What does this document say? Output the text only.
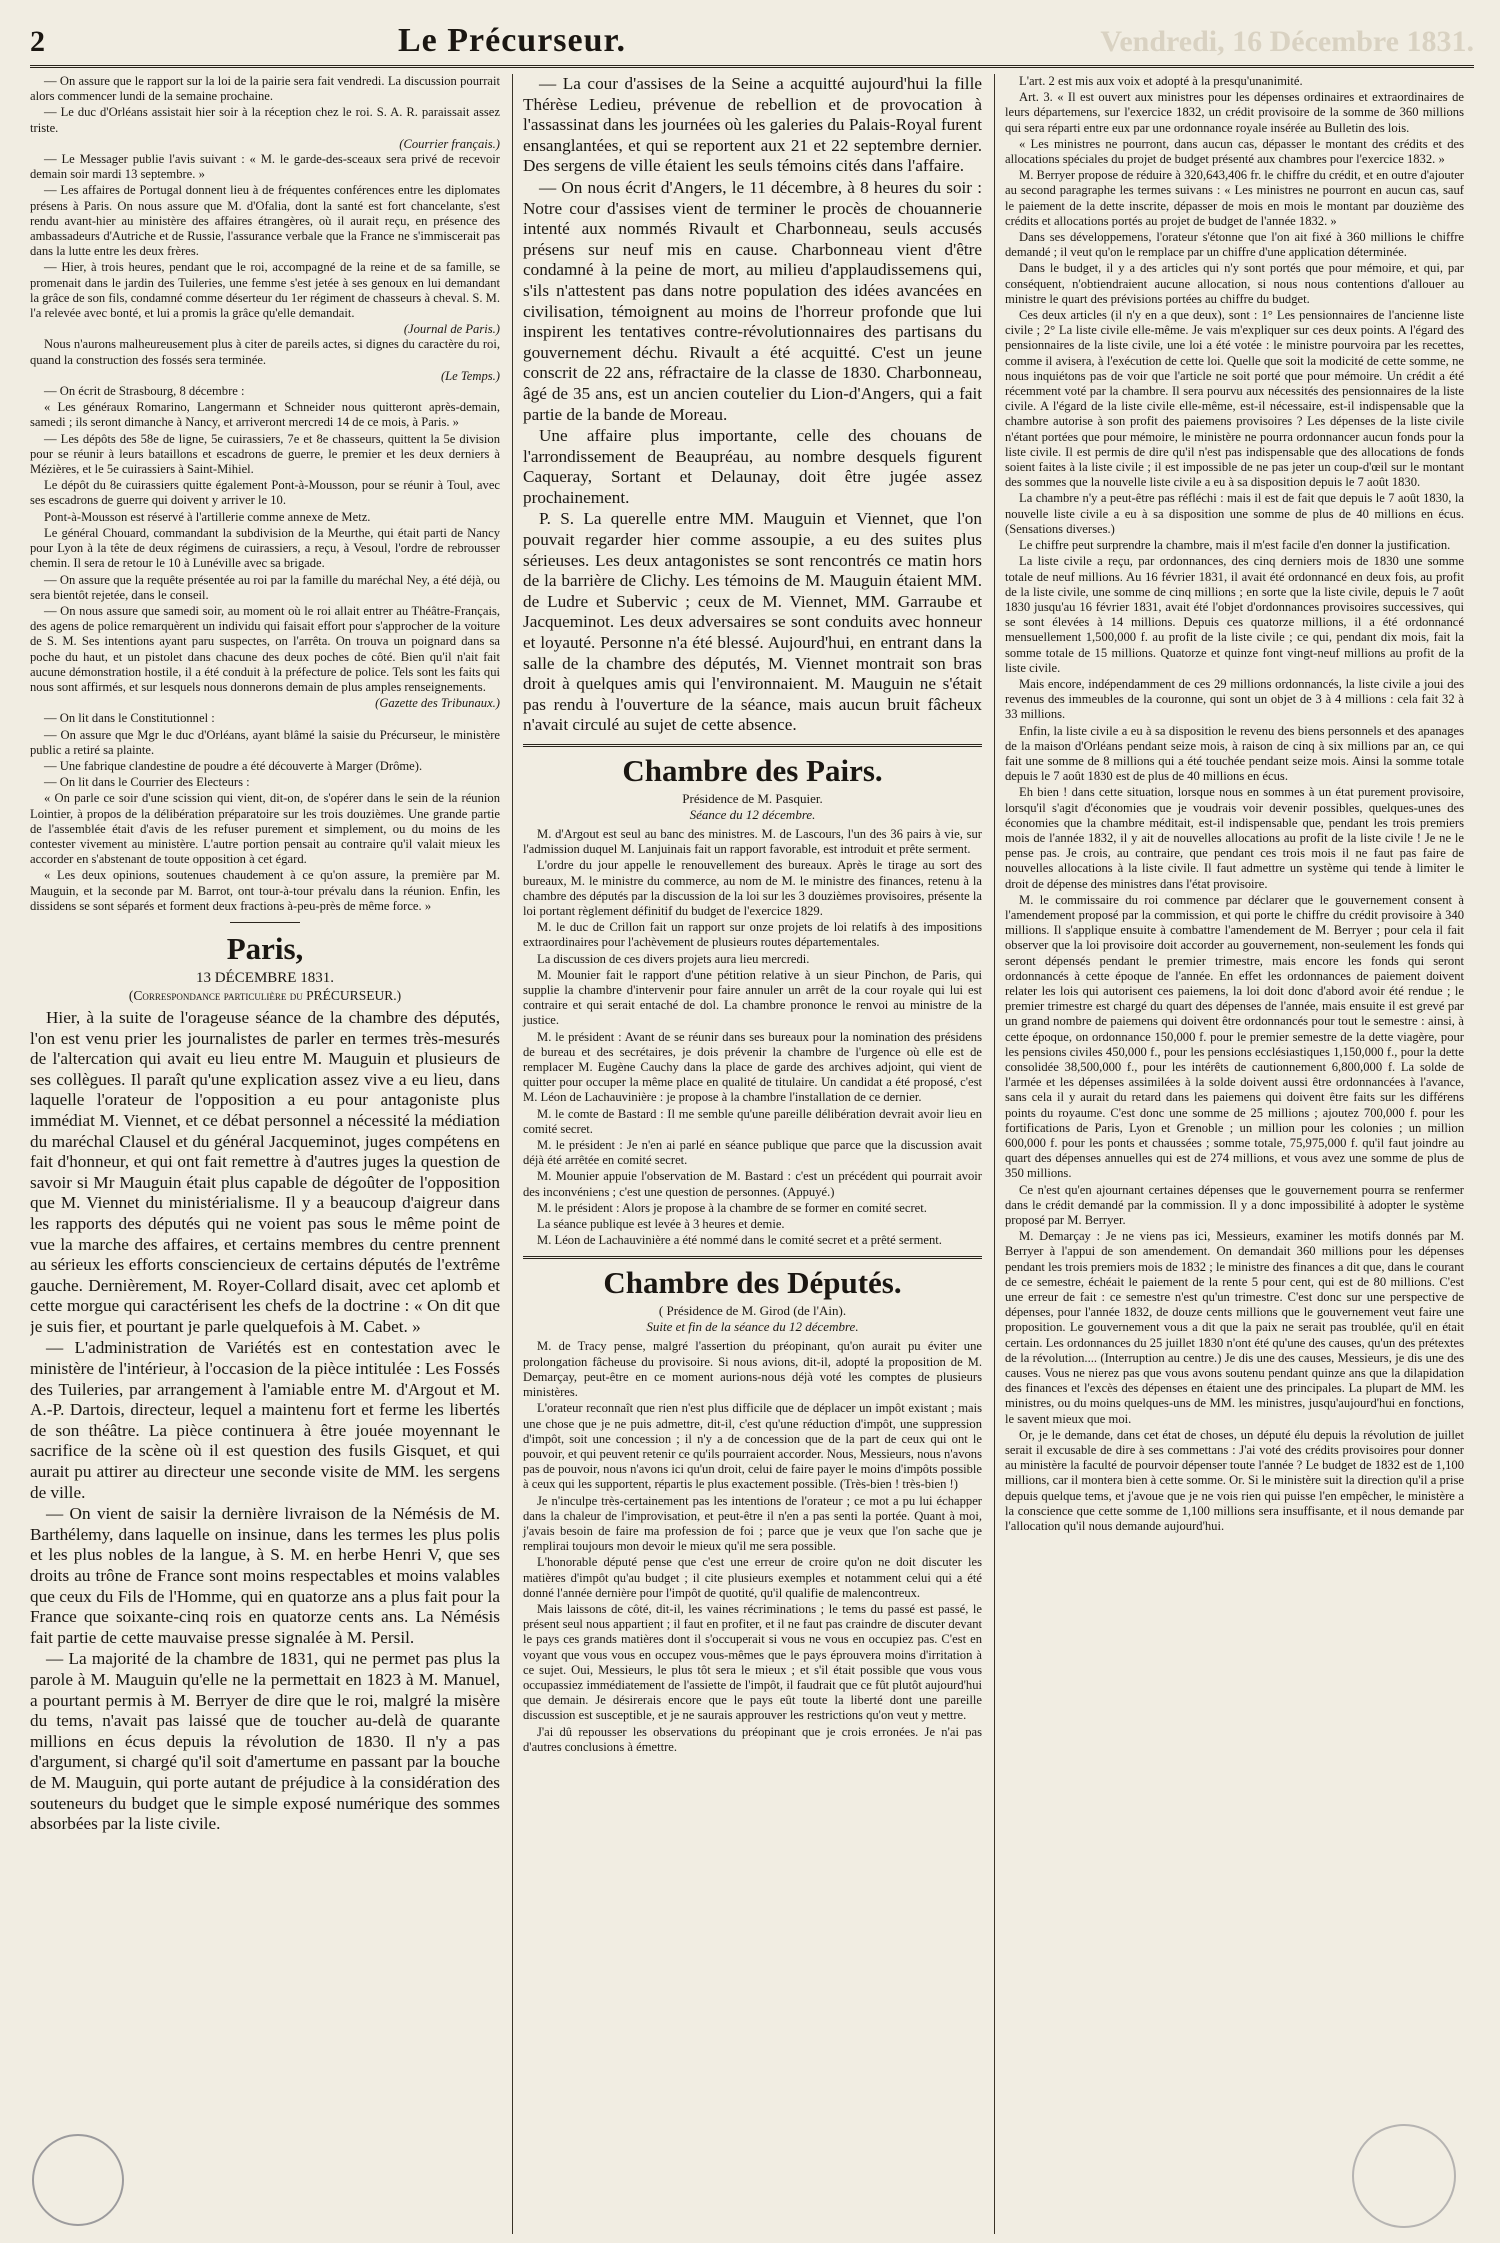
2	Le Précurseur.	Vendredi, 16 Décembre 1831.

— On assure que le rapport sur la loi de la pairie sera fait vendredi. La discussion pourrait alors commencer lundi de la semaine prochaine.

— Le duc d'Orléans assistait hier soir à la réception chez le roi. S. A. R. paraissait assez triste.

(Courrier français.)

— Le Messager publie l'avis suivant : « M. le garde-des-sceaux sera privé de recevoir demain soir mardi 13 septembre. »

— Les affaires de Portugal donnent lieu à de fréquentes conférences entre les diplomates présens à Paris. On nous assure que M. d'Ofalia, dont la santé est fort chancelante, s'est rendu avant-hier au ministère des affaires étrangères, où il aurait reçu, en présence des ambassadeurs d'Autriche et de Russie, l'assurance verbale que la France ne s'immiscerait pas dans la lutte entre les deux frères.

— Hier, à trois heures, pendant que le roi, accompagné de la reine et de sa famille, se promenait dans le jardin des Tuileries, une femme s'est jetée à ses genoux en lui demandant la grâce de son fils, condamné comme déserteur du 1er régiment de chasseurs à cheval. S. M. l'a relevée avec bonté, et lui a promis la grâce qu'elle demandait.

(Journal de Paris.)

Nous n'aurons malheureusement plus à citer de pareils actes, si dignes du caractère du roi, quand la construction des fossés sera terminée.

(Le Temps.)

— On écrit de Strasbourg, 8 décembre :

« Les généraux Romarino, Langermann et Schneider nous quitteront après-demain, samedi ; ils seront dimanche à Nancy, et arriveront mercredi 14 de ce mois, à Paris. »

— Les dépôts des 58e de ligne, 5e cuirassiers, 7e et 8e chasseurs, quittent la 5e division pour se réunir à leurs bataillons et escadrons de guerre, le premier et les deux derniers à Mézières, et le 5e cuirassiers à Saint-Mihiel.

Le dépôt du 8e cuirassiers quitte également Pont-à-Mousson, pour se réunir à Toul, avec ses escadrons de guerre qui doivent y arriver le 10.

Pont-à-Mousson est réservé à l'artillerie comme annexe de Metz.

Le général Chouard, commandant la subdivision de la Meurthe, qui était parti de Nancy pour Lyon à la tête de deux régimens de cuirassiers, a reçu, à Vesoul, l'ordre de rebrousser chemin. Il sera de retour le 10 à Lunéville avec sa brigade.

— On assure que la requête présentée au roi par la famille du maréchal Ney, a été déjà, ou sera bientôt rejetée, dans le conseil.

— On nous assure que samedi soir, au moment où le roi allait entrer au Théâtre-Français, des agens de police remarquèrent un individu qui faisait effort pour s'approcher de la voiture de S. M. Ses intentions ayant paru suspectes, on l'arrêta. On trouva un poignard dans sa poche du haut, et un pistolet dans chacune des deux poches de côté. Bien qu'il n'ait fait aucune démonstration hostile, il a été conduit à la préfecture de police. Tels sont les faits qui nous sont affirmés, et sur lesquels nous donnerons demain de plus amples renseignements.

(Gazette des Tribunaux.)

— On lit dans le Constitutionnel :

— On assure que Mgr le duc d'Orléans, ayant blâmé la saisie du Précurseur, le ministère public a retiré sa plainte.

— Une fabrique clandestine de poudre a été découverte à Marger (Drôme).

— On lit dans le Courrier des Electeurs :

« On parle ce soir d'une scission qui vient, dit-on, de s'opérer dans le sein de la réunion Lointier, à propos de la délibération préparatoire sur les trois douzièmes. Une grande partie de l'assemblée était d'avis de les refuser purement et simplement, ou du moins de les contester vivement au ministère. L'autre portion pensait au contraire qu'il valait mieux les accorder en s'abstenant de toute opposition à cet égard.

« Les deux opinions, soutenues chaudement à ce qu'on assure, la première par M. Mauguin, et la seconde par M. Barrot, ont tour-à-tour prévalu dans la réunion. Enfin, les dissidens se sont séparés et forment deux fractions à-peu-près de même force. »

Paris,
13 DÉCEMBRE 1831.
(Correspondance particulière du PRÉCURSEUR.)

Hier, à la suite de l'orageuse séance de la chambre des députés, l'on est venu prier les journalistes de parler en termes très-mesurés de l'altercation qui avait eu lieu entre M. Mauguin et plusieurs de ses collègues. Il paraît qu'une explication assez vive a eu lieu, dans laquelle l'orateur de l'opposition a eu pour antagoniste plus immédiat M. Viennet, et ce débat personnel a nécessité la médiation du maréchal Clausel et du général Jacqueminot, juges compétens en fait d'honneur, et qui ont fait remettre à d'autres juges la question de savoir si Mr Mauguin était plus capable de dégoûter de l'opposition que M. Viennet du ministérialisme. Il y a beaucoup d'aigreur dans les rapports des députés qui ne voient pas sous le même point de vue la marche des affaires, et certains membres du centre prennent au sérieux les efforts consciencieux de certains députés de l'extrême gauche. Dernièrement, M. Royer-Collard disait, avec cet aplomb et cette morgue qui caractérisent les chefs de la doctrine : « On dit que je suis fier, et pourtant je parle quelquefois à M. Cabet. »

— L'administration de Variétés est en contestation avec le ministère de l'intérieur, à l'occasion de la pièce intitulée : Les Fossés des Tuileries, par arrangement à l'amiable entre M. d'Argout et M. A.-P. Dartois, directeur, lequel a maintenu fort et ferme les libertés de son théâtre. La pièce continuera à être jouée moyennant le sacrifice de la scène où il est question des fusils Gisquet, et qui aurait pu attirer au directeur une seconde visite de MM. les sergens de ville.

— On vient de saisir la dernière livraison de la Némésis de M. Barthélemy, dans laquelle on insinue, dans les termes les plus polis et les plus nobles de la langue, à S. M. en herbe Henri V, que ses droits au trône de France sont moins respectables et moins valables que ceux du Fils de l'Homme, qui en quatorze ans a plus fait pour la France que soixante-cinq rois en quatorze cents ans. La Némésis fait partie de cette mauvaise presse signalée à M. Persil.

— La majorité de la chambre de 1831, qui ne permet pas plus la parole à M. Mauguin qu'elle ne la permettait en 1823 à M. Manuel, a pourtant permis à M. Berryer de dire que le roi, malgré la misère du tems, n'avait pas laissé que de toucher au-delà de quarante millions en écus depuis la révolution de 1830. Il n'y a pas d'argument, si chargé qu'il soit d'amertume en passant par la bouche de M. Mauguin, qui porte autant de préjudice à la considération des souteneurs du budget que le simple exposé numérique des sommes absorbées par la liste civile.

— La cour d'assises de la Seine a acquitté aujourd'hui la fille Thérèse Ledieu, prévenue de rebellion et de provocation à l'assassinat dans les journées où les galeries du Palais-Royal furent ensanglantées, et qui se reportent aux 21 et 22 septembre dernier. Des sergens de ville étaient les seuls témoins cités dans l'affaire.

— On nous écrit d'Angers, le 11 décembre, à 8 heures du soir : Notre cour d'assises vient de terminer le procès de chouannerie intenté aux nommés Rivault et Charbonneau, seuls accusés présens sur neuf mis en cause. Charbonneau vient d'être condamné à la peine de mort, au milieu d'applaudissemens qui, s'ils n'attestent pas dans notre population des idées avancées en civilisation, témoignent au moins de l'horreur profonde que lui inspirent les tentatives contre-révolutionnaires des partisans du gouvernement déchu. Rivault a été acquitté. C'est un jeune conscrit de 22 ans, réfractaire de la classe de 1830. Charbonneau, âgé de 35 ans, est un ancien coutelier du Lion-d'Angers, qui a fait partie de la bande de Moreau.

Une affaire plus importante, celle des chouans de l'arrondissement de Beaupréau, au nombre desquels figurent Caqueray, Sortant et Delaunay, doit être jugée assez prochainement.

P. S. La querelle entre MM. Mauguin et Viennet, que l'on pouvait regarder hier comme assoupie, a eu des suites plus sérieuses. Les deux antagonistes se sont rencontrés ce matin hors de la barrière de Clichy. Les témoins de M. Mauguin étaient MM. de Ludre et Subervic ; ceux de M. Viennet, MM. Garraube et Jacqueminot. Les deux adversaires se sont conduits avec honneur et loyauté. Personne n'a été blessé. Aujourd'hui, en entrant dans la salle de la chambre des députés, M. Viennet montrait son bras droit à quelques amis qui l'environnaient. M. Mauguin ne s'était pas rendu à l'ouverture de la séance, mais aucun bruit fâcheux n'avait circulé au sujet de cette absence.

Chambre des Pairs.
Présidence de M. Pasquier.
Séance du 12 décembre.

M. d'Argout est seul au banc des ministres. M. de Lascours, l'un des 36 pairs à vie, sur l'admission duquel M. Lanjuinais fait un rapport favorable, est introduit et prête serment.

L'ordre du jour appelle le renouvellement des bureaux. Après le tirage au sort des bureaux, M. le ministre du commerce, au nom de M. le ministre des finances, retenu à la chambre des députés par la discussion de la loi sur les 3 douzièmes provisoires, présente la loi portant règlement définitif du budget de l'exercice 1829.

M. le duc de Crillon fait un rapport sur onze projets de loi relatifs à des impositions extraordinaires pour l'achèvement de plusieurs routes départementales.

La discussion de ces divers projets aura lieu mercredi.

M. Mounier fait le rapport d'une pétition relative à un sieur Pinchon, de Paris, qui supplie la chambre d'intervenir pour faire annuler un arrêt de la cour royale qui lui est contraire et qui serait entaché de dol. La chambre prononce le renvoi au ministre de la justice.

M. le président : Avant de se réunir dans ses bureaux pour la nomination des présidens de bureau et des secrétaires, je dois prévenir la chambre de l'urgence où elle est de remplacer M. Eugène Cauchy dans la place de garde des archives adjoint, qui vient de quitter pour occuper la même place en qualité de titulaire. Un candidat a été proposé, c'est M. Léon de Lachauvinière : je propose à la chambre l'installation de ce dernier.

M. le comte de Bastard : Il me semble qu'une pareille délibération devrait avoir lieu en comité secret.

M. le président : Je n'en ai parlé en séance publique que parce que la discussion avait déjà été arrêtée en comité secret.

M. Mounier appuie l'observation de M. Bastard : c'est un précédent qui pourrait avoir des inconvéniens ; c'est une question de personnes. (Appuyé.)

M. le président : Alors je propose à la chambre de se former en comité secret.

La séance publique est levée à 3 heures et demie.

M. Léon de Lachauvinière a été nommé dans le comité secret et a prêté serment.

Chambre des Députés.
( Présidence de M. Girod (de l'Ain).
Suite et fin de la séance du 12 décembre.

M. de Tracy pense, malgré l'assertion du préopinant, qu'on aurait pu éviter une prolongation fâcheuse du provisoire. Si nous avions, dit-il, adopté la proposition de M. Demarçay, peut-être en ce moment aurions-nous déjà voté les comptes de plusieurs ministères.

L'orateur reconnaît que rien n'est plus difficile que de déplacer un impôt existant ; mais une chose que je ne puis admettre, dit-il, c'est qu'une réduction d'impôt, une suppression d'impôt, soit une concession ; il n'y a de concession que de la part de ceux qui ont le pouvoir, et qui peuvent retenir ce qu'ils pourraient accorder. Nous, Messieurs, nous n'avons pas de pouvoir, nous n'avons ici qu'un droit, celui de faire payer le moins d'impôts possible à ceux qui les supportent, répartis le plus exactement possible. (Très-bien ! très-bien !)

Je n'inculpe très-certainement pas les intentions de l'orateur ; ce mot a pu lui échapper dans la chaleur de l'improvisation, et peut-être il n'en a pas senti la portée. Quant à moi, j'avais besoin de faire ma profession de foi ; parce que je veux que l'on sache que je remplirai toujours mon devoir le mieux qu'il me sera possible.

L'honorable député pense que c'est une erreur de croire qu'on ne doit discuter les matières d'impôt qu'au budget ; il cite plusieurs exemples et notamment celui qui a été donné l'année dernière pour l'impôt de quotité, qu'il qualifie de malencontreux.

Mais laissons de côté, dit-il, les vaines récriminations ; le tems du passé est passé, le présent seul nous appartient ; il faut en profiter, et il ne faut pas craindre de discuter devant le pays ces grands matières dont il s'occuperait si vous ne vous en occupiez pas. C'est en voyant que vous vous en occupez vous-mêmes que le pays éprouvera moins d'irritation à ce sujet. Oui, Messieurs, le plus tôt sera le mieux ; et s'il était possible que vous vous occupassiez immédiatement de l'assiette de l'impôt, il faudrait que ce fût plutôt aujourd'hui que demain. Je désirerais encore que le pays eût toute la liberté dont une pareille discussion est susceptible, et je ne saurais approuver les restrictions qu'on veut y mettre.

J'ai dû repousser les observations du préopinant que je crois erronées. Je n'ai pas d'autres conclusions à émettre.

L'art. 2 est mis aux voix et adopté à la presqu'unanimité.

Art. 3. « Il est ouvert aux ministres pour les dépenses ordinaires et extraordinaires de leurs départemens, sur l'exercice 1832, un crédit provisoire de la somme de 360 millions qui sera réparti entre eux par une ordonnance royale insérée au Bulletin des lois.

« Les ministres ne pourront, dans aucun cas, dépasser le montant des crédits et des allocations spéciales du projet de budget présenté aux chambres pour l'exercice 1832. »

M. Berryer propose de réduire à 320,643,406 fr. le chiffre du crédit, et en outre d'ajouter au second paragraphe les termes suivans : « Les ministres ne pourront en aucun cas, sauf le paiement de la dette inscrite, dépasser de mois en mois le montant par douzième des crédits et allocations portés au projet de budget de l'année 1832. »

Dans ses développemens, l'orateur s'étonne que l'on ait fixé à 360 millions le chiffre demandé ; il veut qu'on le remplace par un chiffre d'une application déterminée.

Dans le budget, il y a des articles qui n'y sont portés que pour mémoire, et qui, par conséquent, n'obtiendraient aucune allocation, si nous nous contentions d'allouer au ministre le quart des prévisions portées au chiffre du budget.

Ces deux articles (il n'y en a que deux), sont : 1° Les pensionnaires de l'ancienne liste civile ; 2° La liste civile elle-même. Je vais m'expliquer sur ces deux points. A l'égard des pensionnaires de la liste civile, une loi a été votée : le ministre pourvoira par les recettes, comme il avisera, à l'exécution de cette loi. Quelle que soit la modicité de cette somme, ne nous inquiétons pas de voir que l'article ne soit porté que pour mémoire. Un crédit a été récemment voté par la chambre. Il sera pourvu aux nécessités des pensionnaires de la liste civile. A l'égard de la liste civile elle-même, est-il nécessaire, est-il indispensable que la chambre autorise à son profit des paiemens provisoires ? Les dépenses de la liste civile n'étant portées que pour mémoire, le ministère ne pourra ordonnancer aucun fonds pour la liste civile. Il est permis de dire qu'il n'est pas indispensable que des allocations de fonds soient faites à la liste civile ; il est impossible de ne pas jeter un coup-d'œil sur le montant des sommes que la nouvelle liste civile a eu à sa disposition depuis le 7 août 1830.

La chambre n'y a peut-être pas réfléchi : mais il est de fait que depuis le 7 août 1830, la nouvelle liste civile a eu à sa disposition une somme de plus de 40 millions en écus. (Sensations diverses.)

Le chiffre peut surprendre la chambre, mais il m'est facile d'en donner la justification.

La liste civile a reçu, par ordonnances, des cinq derniers mois de 1830 une somme totale de neuf millions. Au 16 février 1831, il avait été ordonnancé en deux fois, au profit de la liste civile, une somme de cinq millions ; en sorte que la liste civile, depuis le 7 août 1830 jusqu'au 16 février 1831, avait été l'objet d'ordonnances provisoires successives, qui se sont élevées à 14 millions. Depuis ces quatorze millions, il a été ordonnancé mensuellement 1,500,000 f. au profit de la liste civile ; ce qui, pendant dix mois, fait la somme totale de 15 millions. Quatorze et quinze font vingt-neuf millions au profit de la liste civile.

Mais encore, indépendamment de ces 29 millions ordonnancés, la liste civile a joui des revenus des immeubles de la couronne, qui sont un objet de 3 à 4 millions : cela fait 32 à 33 millions.

Enfin, la liste civile a eu à sa disposition le revenu des biens personnels et des apanages de la maison d'Orléans pendant seize mois, à raison de cinq à six millions par an, ce qui fait une somme de 8 millions qui a été touchée pendant seize mois. Ainsi la somme totale depuis le 7 août 1830 est de plus de 40 millions en écus.

Eh bien ! dans cette situation, lorsque nous en sommes à un état purement provisoire, lorsqu'il s'agit d'économies que je voudrais voir devenir possibles, quelques-unes des économies que la chambre méditait, est-il indispensable que, pendant les trois premiers mois de l'année 1832, il y ait de nouvelles allocations au profit de la liste civile ! Je ne le pense pas. Je crois, au contraire, que pendant ces trois mois il ne faut pas faire de nouvelles allocations à la liste civile. Il faut admettre un système qui tende à limiter le droit de dépense des ministres dans l'état provisoire.

M. le commissaire du roi commence par déclarer que le gouvernement consent à l'amendement proposé par la commission, et qui porte le chiffre du crédit provisoire à 340 millions. Il s'applique ensuite à combattre l'amendement de M. Berryer ; pour cela il fait observer que la loi provisoire doit accorder au gouvernement, non-seulement les fonds qui seront dépensés pendant le premier trimestre, mais encore les fonds qui seront ordonnancés à cette époque de l'année. En effet les ordonnances de paiement doivent relater les lois qui autorisent ces paiemens, la loi doit donc d'abord avoir été rendue ; le premier trimestre est chargé du quart des dépenses de l'année, mais ensuite il est grevé par un grand nombre de paiemens qui doivent être ordonnancés pour tout le semestre : ainsi, à cette époque, on ordonnance 150,000 f. pour le premier semestre de la dette viagère, pour les pensions civiles 450,000 f., pour les pensions ecclésiastiques 1,150,000 f., pour la dette consolidée 38,500,000 f., pour les intérêts de cautionnement 6,800,000 f. La solde de l'armée et les dépenses assimilées à la solde doivent aussi être ordonnancées à l'avance, sans cela il y aurait du retard dans les paiemens qui doivent être faits sur les différens points du royaume. C'est donc une somme de 25 millions ; ajoutez 700,000 f. pour les fortifications de Paris, Lyon et Grenoble ; un million pour les colonies ; un million 600,000 f. pour les ponts et chaussées ; somme totale, 75,975,000 f. qu'il faut joindre au quart des dépenses annuelles qui est de 274 millions, et vous avez une somme de plus de 350 millions.

Ce n'est qu'en ajournant certaines dépenses que le gouvernement pourra se renfermer dans le crédit demandé par la commission. Il y a donc impossibilité à adopter le système proposé par M. Berryer.

M. Demarçay : Je ne viens pas ici, Messieurs, examiner les motifs donnés par M. Berryer à l'appui de son amendement. On demandait 360 millions pour les dépenses pendant les trois premiers mois de 1832 ; le ministre des finances a dit que, dans le courant de ce semestre, échéait le paiement de la rente 5 pour cent, qui est de 80 millions. C'est une erreur de fait : ce semestre n'est qu'un trimestre. C'est donc sur une perspective de dépenses, pour l'année 1832, de douze cents millions que le gouvernement veut faire une proposition. Le gouvernement vous a dit que la paix ne serait pas troublée, qu'il en était certain. Les ordonnances du 25 juillet 1830 n'ont été qu'une des causes, qu'un des prétextes de la révolution.... (Interruption au centre.) Je dis une des causes, Messieurs, je dis une des causes. Vous ne nierez pas que vous avons soutenu pendant quinze ans que la dilapidation des finances et l'excès des dépenses en étaient une des principales. La plupart de MM. les ministres, ou du moins quelques-uns de MM. les ministres, jusqu'aujourd'hui en fonctions, le savent mieux que moi.

Or, je le demande, dans cet état de choses, un député élu depuis la révolution de juillet serait il excusable de dire à ses commettans : J'ai voté des crédits provisoires pour donner au ministère la faculté de pourvoir dépenser toute l'année ? Le budget de 1832 est de 1,100 millions, car il montera bien à cette somme. Or. Si le ministère suit la direction qu'il a prise depuis quelque tems, et j'avoue que je ne vois rien qui puisse l'en empêcher, le ministère a la conscience que cette somme de 1,100 millions sera insuffisante, et il nous demande par l'allocation qu'il nous demande aujourd'hui.
